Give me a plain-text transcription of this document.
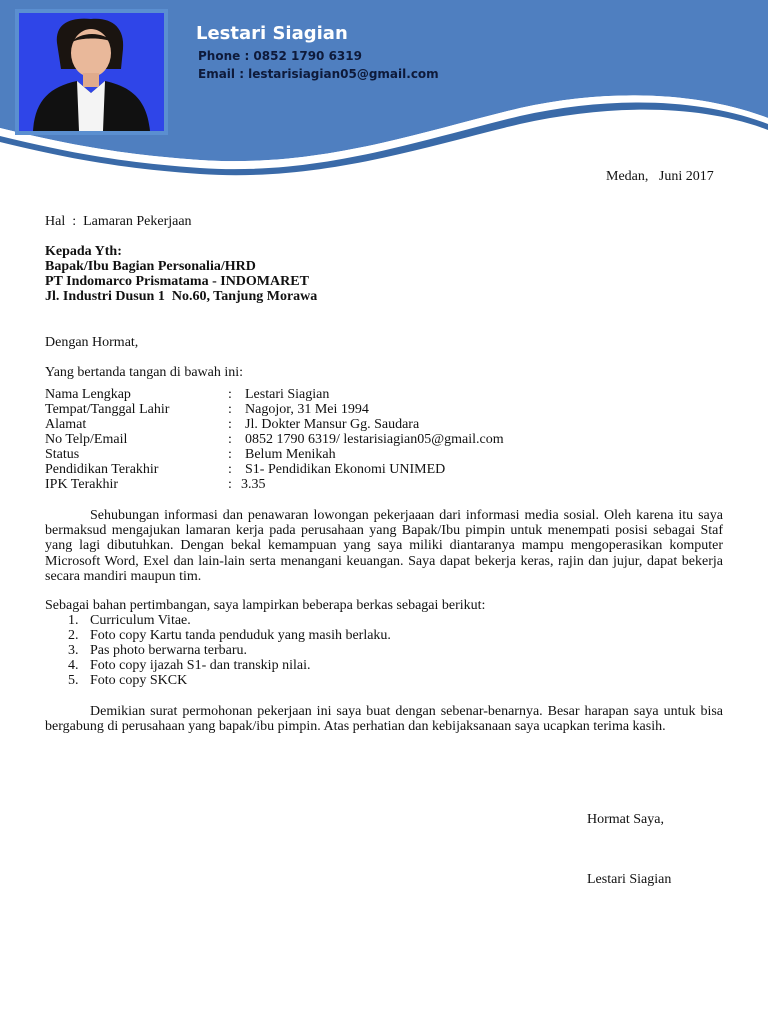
Lestari Siagian
Phone : 0852 1790 6319
Email : lestarisiagian05@gmail.com
Medan,   Juni 2017
Hal  :  Lamaran Pekerjaan
Kepada Yth:
Bapak/Ibu Bagian Personalia/HRD
PT Indomarco Prismatama - INDOMARET
Jl. Industri Dusun 1  No.60, Tanjung Morawa
Dengan Hormat,
Yang bertanda tangan di bawah ini:
Nama Lengkap	: Lestari Siagian
Tempat/Tanggal Lahir	: Nagojor, 31 Mei 1994
Alamat	: Jl. Dokter Mansur Gg. Saudara
No Telp/Email	: 0852 1790 6319/ lestarisiagian05@gmail.com
Status	: Belum Menikah
Pendidikan Terakhir	: S1- Pendidikan Ekonomi UNIMED
IPK Terakhir	: 3.35
Sehubungan informasi dan penawaran lowongan pekerjaaan dari informasi media sosial. Oleh karena itu saya bermaksud mengajukan lamaran kerja pada perusahaan yang Bapak/Ibu pimpin untuk menempati posisi sebagai Staf yang lagi dibutuhkan. Dengan bekal kemampuan yang saya miliki diantaranya mampu mengoperasikan komputer Microsoft Word, Exel dan lain-lain serta menangani keuangan. Saya dapat bekerja keras, rajin dan jujur, dapat bekerja secara mandiri maupun tim.
Sebagai bahan pertimbangan, saya lampirkan beberapa berkas sebagai berikut:
1. Curriculum Vitae.
2. Foto copy Kartu tanda penduduk yang masih berlaku.
3. Pas photo berwarna terbaru.
4. Foto copy ijazah S1- dan transkip nilai.
5. Foto copy SKCK
Demikian surat permohonan pekerjaan ini saya buat dengan sebenar-benarnya. Besar harapan saya untuk bisa bergabung di perusahaan yang bapak/ibu pimpin. Atas perhatian dan kebijaksanaan saya ucapkan terima kasih.
Hormat Saya,
Lestari Siagian
